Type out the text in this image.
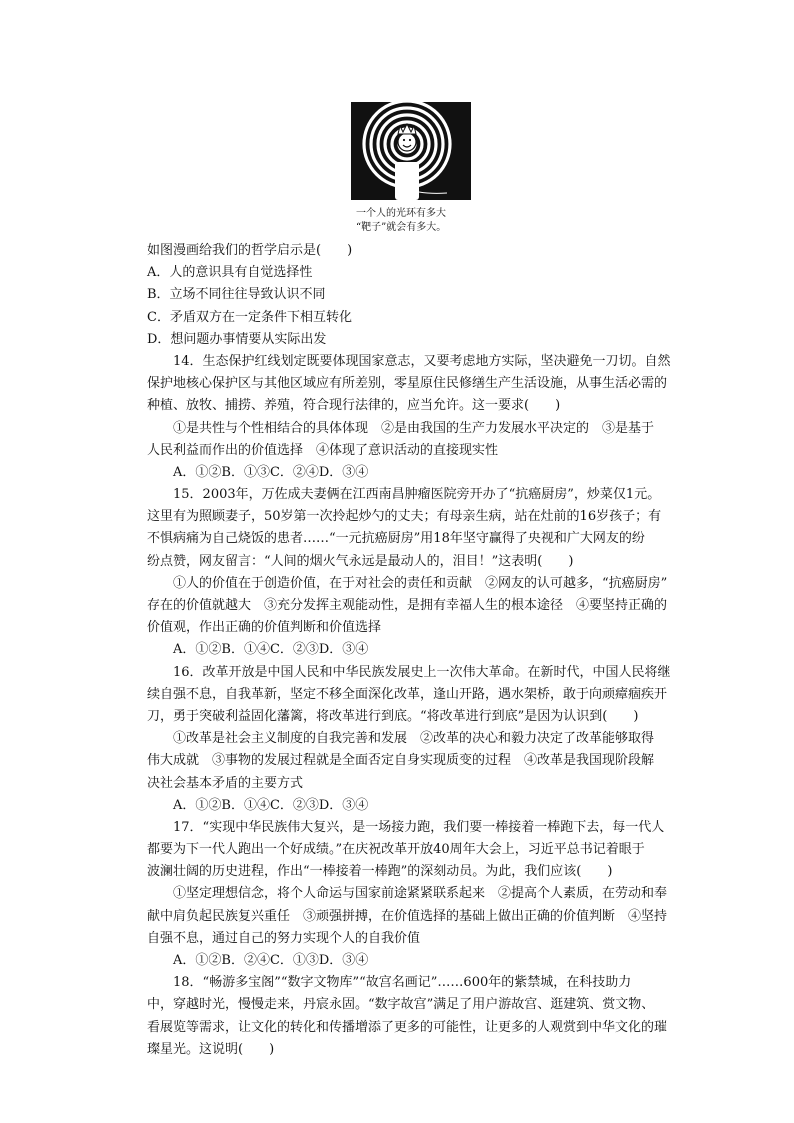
一个人的光环有多大
“靶子”就会有多大。
如图漫画给我们的哲学启示是(　　)
A．人的意识具有自觉选择性
B．立场不同往往导致认识不同
C．矛盾双方在一定条件下相互转化
D．想问题办事情要从实际出发
　　14．生态保护红线划定既要体现国家意志，又要考虑地方实际，坚决避免一刀切。自然
保护地核心保护区与其他区域应有所差别，零星原住民修缮生产生活设施，从事生活必需的
种植、放牧、捕捞、养殖，符合现行法律的，应当允许。这一要求(　　)
　　①是共性与个性相结合的具体体现　②是由我国的生产力发展水平决定的　③是基于
人民利益而作出的价值选择　④体现了意识活动的直接现实性
　　A．①②B．①③C．②④D．③④
　　15．2003年，万佐成夫妻俩在江西南昌肿瘤医院旁开办了“抗癌厨房”，炒菜仅1元。
这里有为照顾妻子，50岁第一次拎起炒勺的丈夫；有母亲生病，站在灶前的16岁孩子；有
不惧病痛为自己烧饭的患者……“一元抗癌厨房”用18年坚守赢得了央视和广大网友的纷
纷点赞，网友留言：“人间的烟火气永远是最动人的，泪目！”这表明(　　)
　　①人的价值在于创造价值，在于对社会的责任和贡献　②网友的认可越多，“抗癌厨房”
存在的价值就越大　③充分发挥主观能动性，是拥有幸福人生的根本途径　④要坚持正确的
价值观，作出正确的价值判断和价值选择
　　A．①②B．①④C．②③D．③④
　　16．改革开放是中国人民和中华民族发展史上一次伟大革命。在新时代，中国人民将继
续自强不息，自我革新，坚定不移全面深化改革，逢山开路，遇水架桥，敢于向顽瘴痼疾开
刀，勇于突破利益固化藩篱，将改革进行到底。“将改革进行到底”是因为认识到(　　)
　　①改革是社会主义制度的自我完善和发展　②改革的决心和毅力决定了改革能够取得
伟大成就　③事物的发展过程就是全面否定自身实现质变的过程　④改革是我国现阶段解
决社会基本矛盾的主要方式
　　A．①②B．①④C．②③D．③④
　　17．“实现中华民族伟大复兴，是一场接力跑，我们要一棒接着一棒跑下去，每一代人
都要为下一代人跑出一个好成绩。”在庆祝改革开放40周年大会上，习近平总书记着眼于
波澜壮阔的历史进程，作出“一棒接着一棒跑”的深刻动员。为此，我们应该(　　)
　　①坚定理想信念，将个人命运与国家前途紧紧联系起来　②提高个人素质，在劳动和奉
献中肩负起民族复兴重任　③顽强拼搏，在价值选择的基础上做出正确的价值判断　④坚持
自强不息，通过自己的努力实现个人的自我价值
　　A．①②B．②④C．①③D．③④
　　18．“畅游多宝阁”“数字文物库”“故宫名画记”……600年的紫禁城，在科技助力
中，穿越时光，慢慢走来，丹宸永固。“数字故宫”满足了用户游故宫、逛建筑、赏文物、
看展览等需求，让文化的转化和传播增添了更多的可能性，让更多的人观赏到中华文化的璀
璨星光。这说明(　　)
